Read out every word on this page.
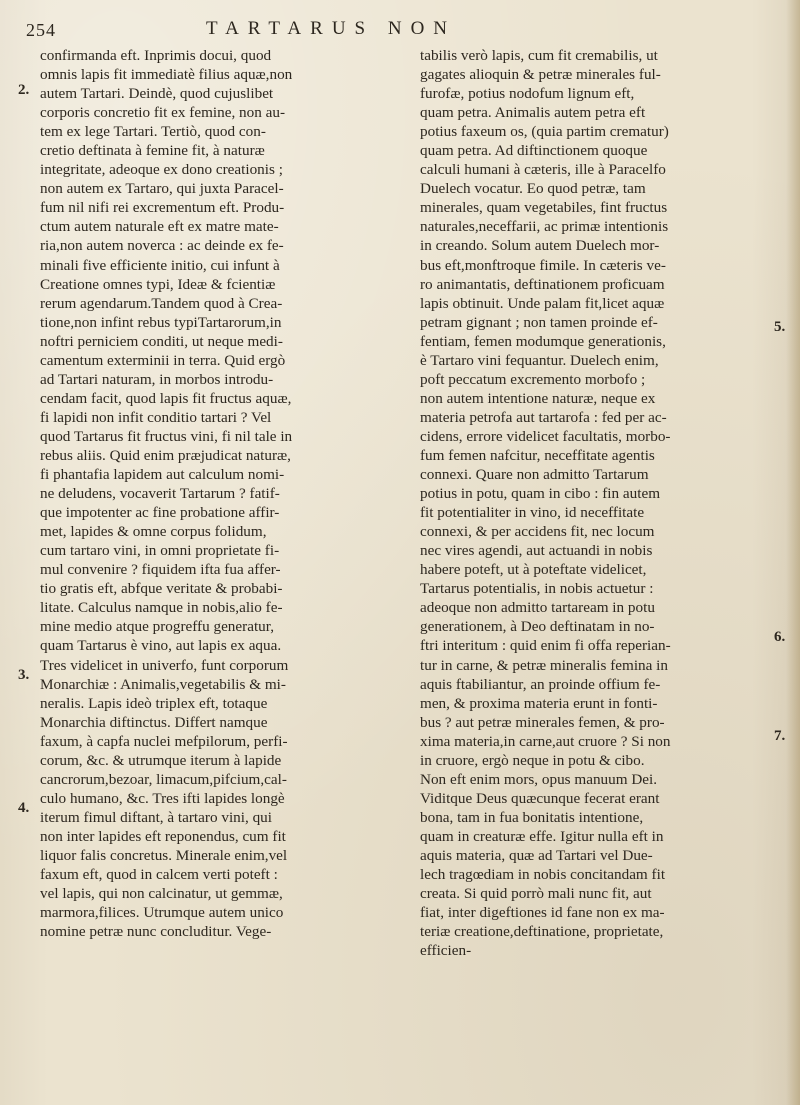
254	TARTARUS NON
confirmanda eft. Inprimis docui, quod
omnis lapis fit immediatè filius aquæ,non
autem Tartari. Deindè, quod cujuslibet
corporis concretio fit ex femine, non au-
tem ex lege Tartari. Tertiò, quod con-
cretio deftinata à femine fit, à naturæ
integritate, adeoque ex dono creationis ;
non autem ex Tartaro, qui juxta Paracel-
fum nil nifi rei excrementum eft. Produ-
ctum autem naturale eft ex matre mate-
ria,non autem noverca : ac deinde ex fe-
minali five efficiente initio, cui infunt à
Creatione omnes typi, Ideæ & fcientiæ
rerum agendarum.Tandem quod à Crea-
tione,non infint rebus typiTartarorum,in
noftri perniciem conditi, ut neque medi-
camentum exterminii in terra. Quid ergò
ad Tartari naturam, in morbos introdu-
cendam facit, quod lapis fit fructus aquæ,
fi lapidi non infit conditio tartari ? Vel
quod Tartarus fit fructus vini, fi nil tale in
rebus aliis. Quid enim præjudicat naturæ,
fi phantafia lapidem aut calculum nomi-
ne deludens, vocaverit Tartarum ? fatif-
que impotenter ac fine probatione affir-
met, lapides & omne corpus folidum,
cum tartaro vini, in omni proprietate fi-
mul convenire ? fiquidem ifta fua affer-
tio gratis eft, abfque veritate & probabi-
litate. Calculus namque in nobis,alio fe-
mine medio atque progreffu generatur,
quam Tartarus è vino, aut lapis ex aqua.
Tres videlicet in univerfo, funt corporum
Monarchiæ : Animalis,vegetabilis & mi-
neralis. Lapis ideò triplex eft, totaque
Monarchia diftinctus. Differt namque
faxum, à capfa nuclei mefpilorum, perfi-
corum, &c. & utrumque iterum à lapide
cancrorum,bezoar, limacum,pifcium,cal-
culo humano, &c. Tres ifti lapides longè
iterum fimul diftant, à tartaro vini, qui
non inter lapides eft reponendus, cum fit
liquor falis concretus. Minerale enim,vel
faxum eft, quod in calcem verti poteft :
vel lapis, qui non calcinatur, ut gemmæ,
marmora,filices. Utrumque autem unico
nomine petræ nunc concluditur. Vege-
tabilis verò lapis, cum fit cremabilis, ut
gagates alioquin & petræ minerales ful-
furofæ, potius nodofum lignum eft,
quam petra. Animalis autem petra eft
potius faxeum os, (quia partim crematur)
quam petra. Ad diftinctionem quoque
calculi humani à cæteris, ille à Paracelfo
Duelech vocatur. Eo quod petræ, tam
minerales, quam vegetabiles, fint fructus
naturales,neceffarii, ac primæ intentionis
in creando. Solum autem Duelech mor-
bus eft,monftroque fimile. In cæteris ve-
ro animantatis, deftinationem proficuam
lapis obtinuit. Unde palam fit,licet aquæ
petram gignant ; non tamen proinde ef-
fentiam, femen modumque generationis,
è Tartaro vini fequantur. Duelech enim,
poft peccatum excremento morbofo ;
non autem intentione naturæ, neque ex
materia petrofa aut tartarofa : fed per ac-
cidens, errore videlicet facultatis, morbo-
fum femen nafcitur, neceffitate agentis
connexi. Quare non admitto Tartarum
potius in potu, quam in cibo : fin autem
fit potentialiter in vino, id neceffitate
connexi, & per accidens fit, nec locum
nec vires agendi, aut actuandi in nobis
habere poteft, ut à poteftate videlicet,
Tartarus potentialis, in nobis actuetur :
adeoque non admitto tartaream in potu
generationem, à Deo deftinatam in no-
ftri interitum : quid enim fi offa reperian-
tur in carne, & petræ mineralis femina in
aquis ftabiliantur, an proinde offium fe-
men, & proxima materia erunt in fonti-
bus ? aut petræ minerales femen, & pro-
xima materia,in carne,aut cruore ? Si non
in cruore, ergò neque in potu & cibo.
Non eft enim mors, opus manuum Dei.
Viditque Deus quæcunque fecerat erant
bona, tam in fua bonitatis intentione,
quam in creaturæ effe. Igitur nulla eft in
aquis materia, quæ ad Tartari vel Due-
lech tragœdiam in nobis concitandam fit
creata. Si quid porrò mali nunc fit, aut
fiat, inter digeftiones id fane non ex ma-
teriæ creatione,deftinatione, proprietate,
efficien-
2.
3.
4.
5.
6.
7.
